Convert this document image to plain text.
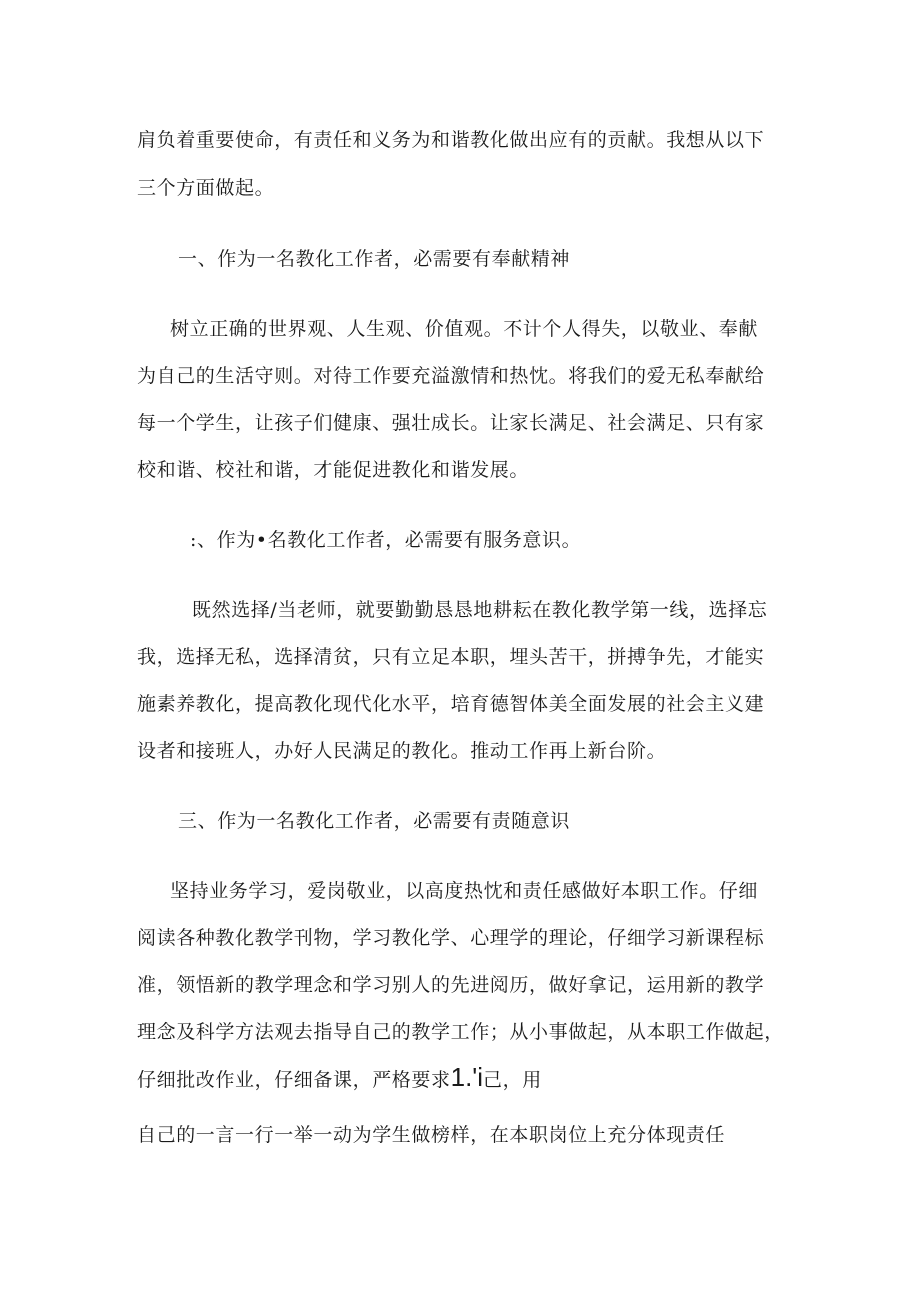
肩负着重要使命，有责任和义务为和谐教化做出应有的贡献。我想从以下
三个方面做起。
一、作为一名教化工作者，必需要有奉献精神
树立正确的世界观、人生观、价值观。不计个人得失，以敬业、奉献
为自己的生活守则。对待工作要充溢激情和热忱。将我们的爱无私奉献给
每一个学生，让孩子们健康、强壮成长。让家长满足、社会满足、只有家
校和谐、校社和谐，才能促进教化和谐发展。
:、作为•名教化工作者，必需要有服务意识。
既然选择/当老师，就要勤勤恳恳地耕耘在教化教学第一线，选择忘
我，选择无私，选择清贫，只有立足本职，埋头苦干，拼搏争先，才能实
施素养教化，提高教化现代化水平，培育德智体美全面发展的社会主义建
设者和接班人，办好人民满足的教化。推动工作再上新台阶。
三、作为一名教化工作者，必需要有责随意识
坚持业务学习，爱岗敬业，以高度热忱和责任感做好本职工作。仔细
阅读各种教化教学刊物，学习教化学、心理学的理论，仔细学习新课程标
准，领悟新的教学理念和学习别人的先进阅历，做好拿记，运用新的教学
理念及科学方法观去指导自己的教学工作；从小事做起，从本职工作做起，
仔细批改作业，仔细备课，严格要求1.'i己，用
自己的一言一行一举一动为学生做榜样，在本职岗位上充分体现责任
